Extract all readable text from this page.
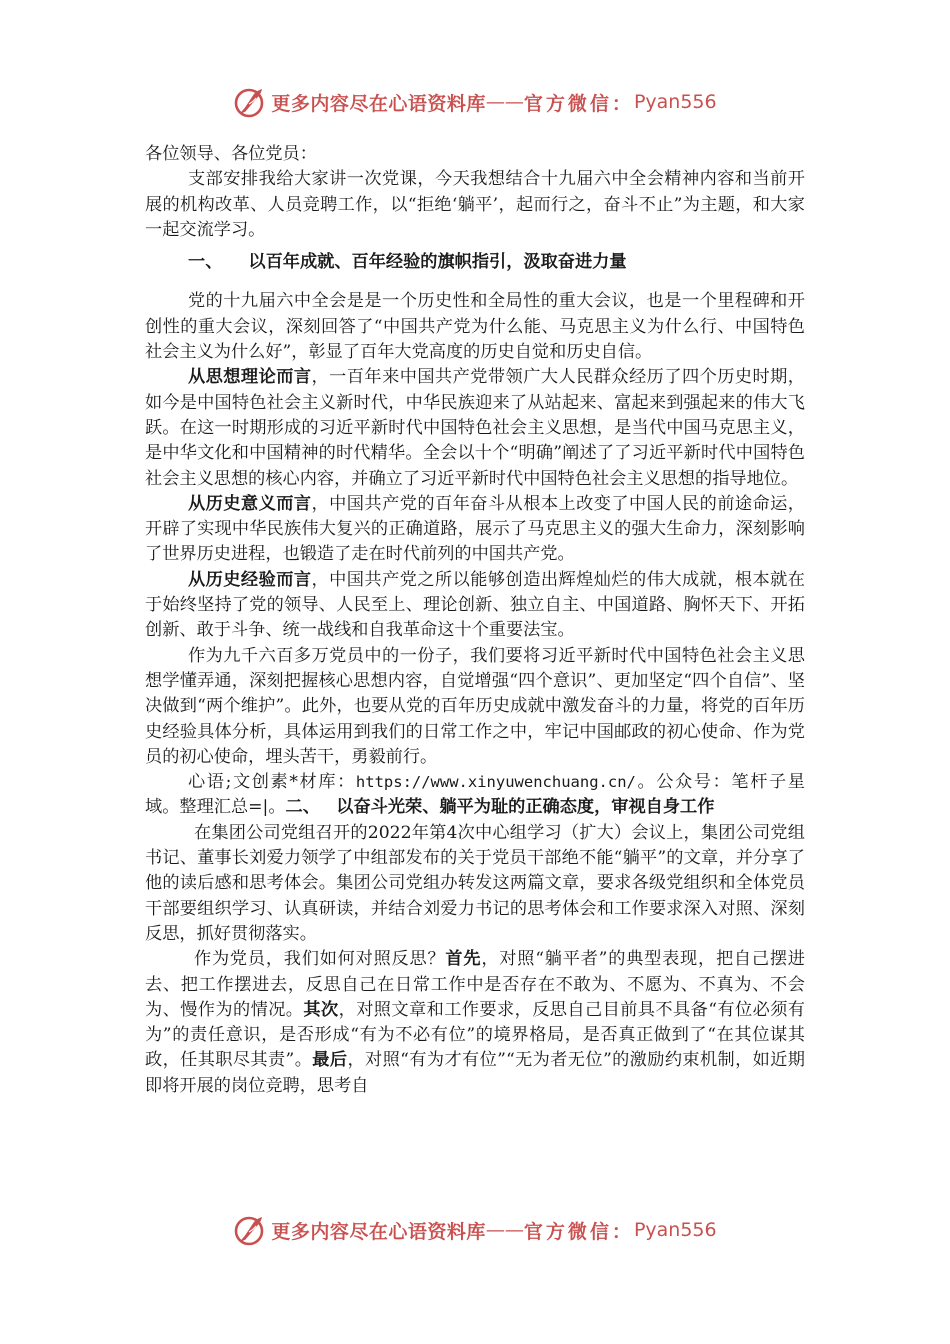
更多内容尽在心语资料库 —— 官方微信： Pyan556

各位领导、各位党员：

支部安排我给大家讲一次党课，今天我想结合十九届六中全会精神内容和当前开展的机构改革、人员竞聘工作，以“拒绝‘躺平’，起而行之，奋斗不止”为主题，和大家一起交流学习。

一、 以百年成就、百年经验的旗帜指引，汲取奋进力量

党的十九届六中全会是是一个历史性和全局性的重大会议，也是一个里程碑和开创性的重大会议，深刻回答了“中国共产党为什么能、马克思主义为什么行、中国特色社会主义为什么好”，彰显了百年大党高度的历史自觉和历史自信。

从思想理论而言，一百年来中国共产党带领广大人民群众经历了四个历史时期，如今是中国特色社会主义新时代，中华民族迎来了从站起来、富起来到强起来的伟大飞跃。在这一时期形成的习近平新时代中国特色社会主义思想，是当代中国马克思主义，是中华文化和中国精神的时代精华。全会以十个“明确”阐述了了习近平新时代中国特色社会主义思想的核心内容，并确立了习近平新时代中国特色社会主义思想的指导地位。

从历史意义而言，中国共产党的百年奋斗从根本上改变了中国人民的前途命运，开辟了实现中华民族伟大复兴的正确道路，展示了马克思主义的强大生命力，深刻影响了世界历史进程，也锻造了走在时代前列的中国共产党。

从历史经验而言，中国共产党之所以能够创造出辉煌灿烂的伟大成就，根本就在于始终坚持了党的领导、人民至上、理论创新、独立自主、中国道路、胸怀天下、开拓创新、敢于斗争、统一战线和自我革命这十个重要法宝。

作为九千六百多万党员中的一份子，我们要将习近平新时代中国特色社会主义思想学懂弄通，深刻把握核心思想内容，自觉增强“四个意识”、更加坚定“四个自信”、坚决做到“两个维护”。此外，也要从党的百年历史成就中激发奋斗的力量，将党的百年历史经验具体分析，具体运用到我们的日常工作之中，牢记中国邮政的初心使命、作为党员的初心使命，埋头苦干，勇毅前行。

心语;文创素*材库：https://www.xinyuwenchuang.cn/。公众号：笔杆子星域。整理汇总=|。二、 以奋斗光荣、躺平为耻的正确态度，审视自身工作

在集团公司党组召开的2022年第4次中心组学习（扩大）会议上，集团公司党组书记、董事长刘爱力领学了中组部发布的关于党员干部绝不能“躺平”的文章，并分享了他的读后感和思考体会。集团公司党组办转发这两篇文章，要求各级党组织和全体党员干部要组织学习、认真研读，并结合刘爱力书记的思考体会和工作要求深入对照、深刻反思，抓好贯彻落实。

作为党员，我们如何对照反思？首先，对照“躺平者”的典型表现，把自己摆进去、把工作摆进去，反思自己在日常工作中是否存在不敢为、不愿为、不真为、不会为、慢作为的情况。其次，对照文章和工作要求，反思自己目前具不具备“有位必须有为”的责任意识，是否形成“有为不必有位”的境界格局，是否真正做到了“在其位谋其政，任其职尽其责”。最后，对照“有为才有位”“无为者无位”的激励约束机制，如近期即将开展的岗位竞聘，思考自

更多内容尽在心语资料库 —— 官方微信： Pyan556
